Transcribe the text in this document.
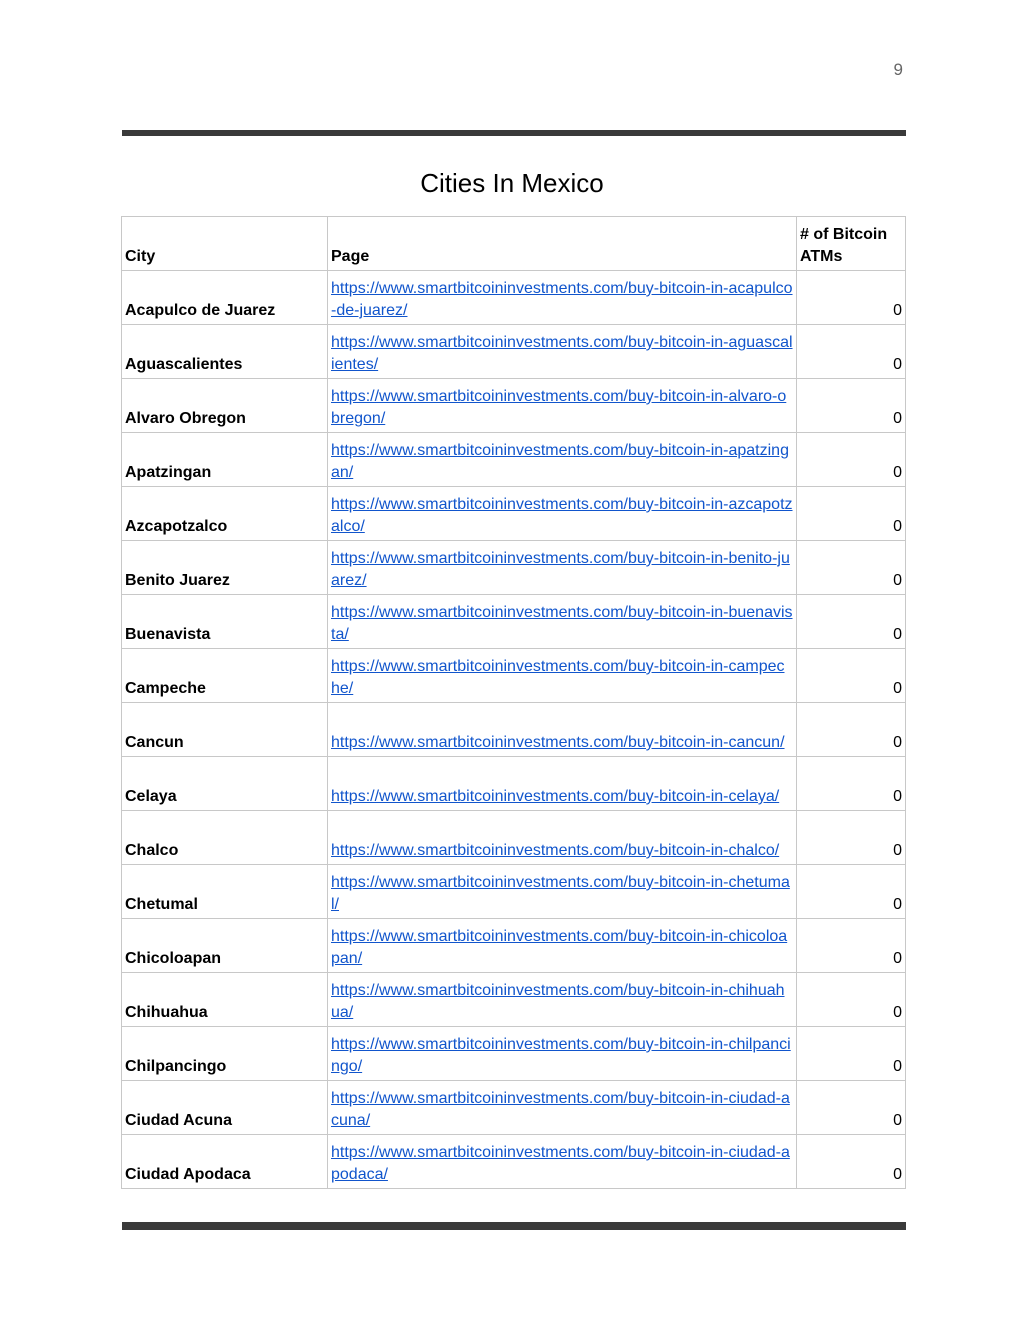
9
Cities In Mexico
City	Page	# of Bitcoin ATMs
Acapulco de Juarez	https://www.smartbitcoininvestments.com/buy-bitcoin-in-acapulco-de-juarez/	0
Aguascalientes	https://www.smartbitcoininvestments.com/buy-bitcoin-in-aguascalientes/	0
Alvaro Obregon	https://www.smartbitcoininvestments.com/buy-bitcoin-in-alvaro-obregon/	0
Apatzingan	https://www.smartbitcoininvestments.com/buy-bitcoin-in-apatzingan/	0
Azcapotzalco	https://www.smartbitcoininvestments.com/buy-bitcoin-in-azcapotzalco/	0
Benito Juarez	https://www.smartbitcoininvestments.com/buy-bitcoin-in-benito-juarez/	0
Buenavista	https://www.smartbitcoininvestments.com/buy-bitcoin-in-buenavista/	0
Campeche	https://www.smartbitcoininvestments.com/buy-bitcoin-in-campeche/	0
Cancun	https://www.smartbitcoininvestments.com/buy-bitcoin-in-cancun/	0
Celaya	https://www.smartbitcoininvestments.com/buy-bitcoin-in-celaya/	0
Chalco	https://www.smartbitcoininvestments.com/buy-bitcoin-in-chalco/	0
Chetumal	https://www.smartbitcoininvestments.com/buy-bitcoin-in-chetumal/	0
Chicoloapan	https://www.smartbitcoininvestments.com/buy-bitcoin-in-chicoloapan/	0
Chihuahua	https://www.smartbitcoininvestments.com/buy-bitcoin-in-chihuahua/	0
Chilpancingo	https://www.smartbitcoininvestments.com/buy-bitcoin-in-chilpancingo/	0
Ciudad Acuna	https://www.smartbitcoininvestments.com/buy-bitcoin-in-ciudad-acuna/	0
Ciudad Apodaca	https://www.smartbitcoininvestments.com/buy-bitcoin-in-ciudad-apodaca/	0
